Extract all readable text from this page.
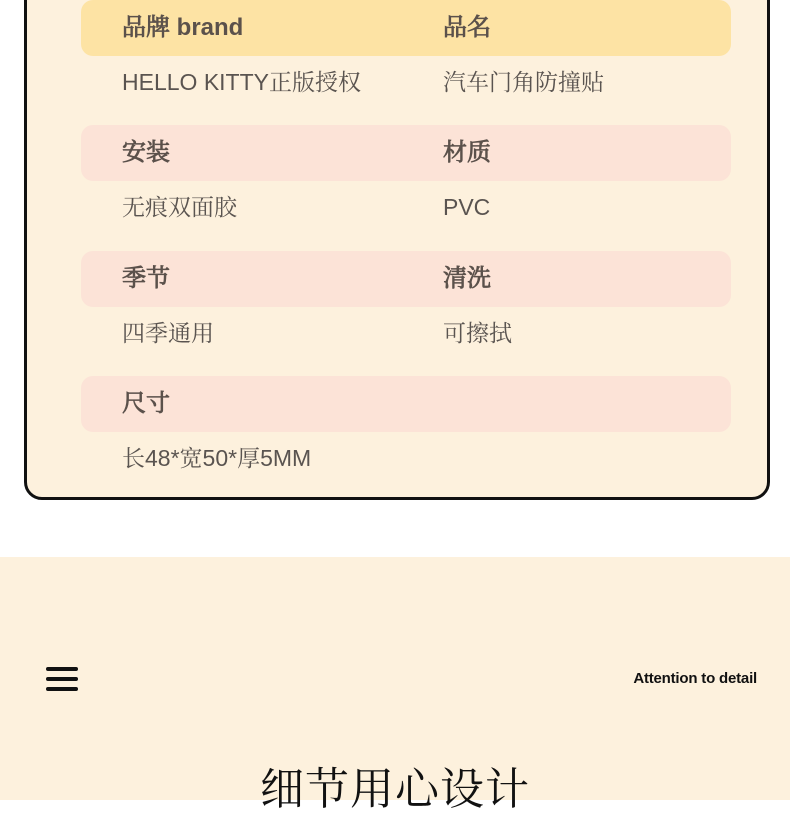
品牌 brand	品名
HELLO KITTY正版授权	汽车门角防撞贴
安装	材质
无痕双面胶	PVC
季节	清洗
四季通用	可擦拭
尺寸
长48*宽50*厚5MM
Attention to detail
细节用心设计
